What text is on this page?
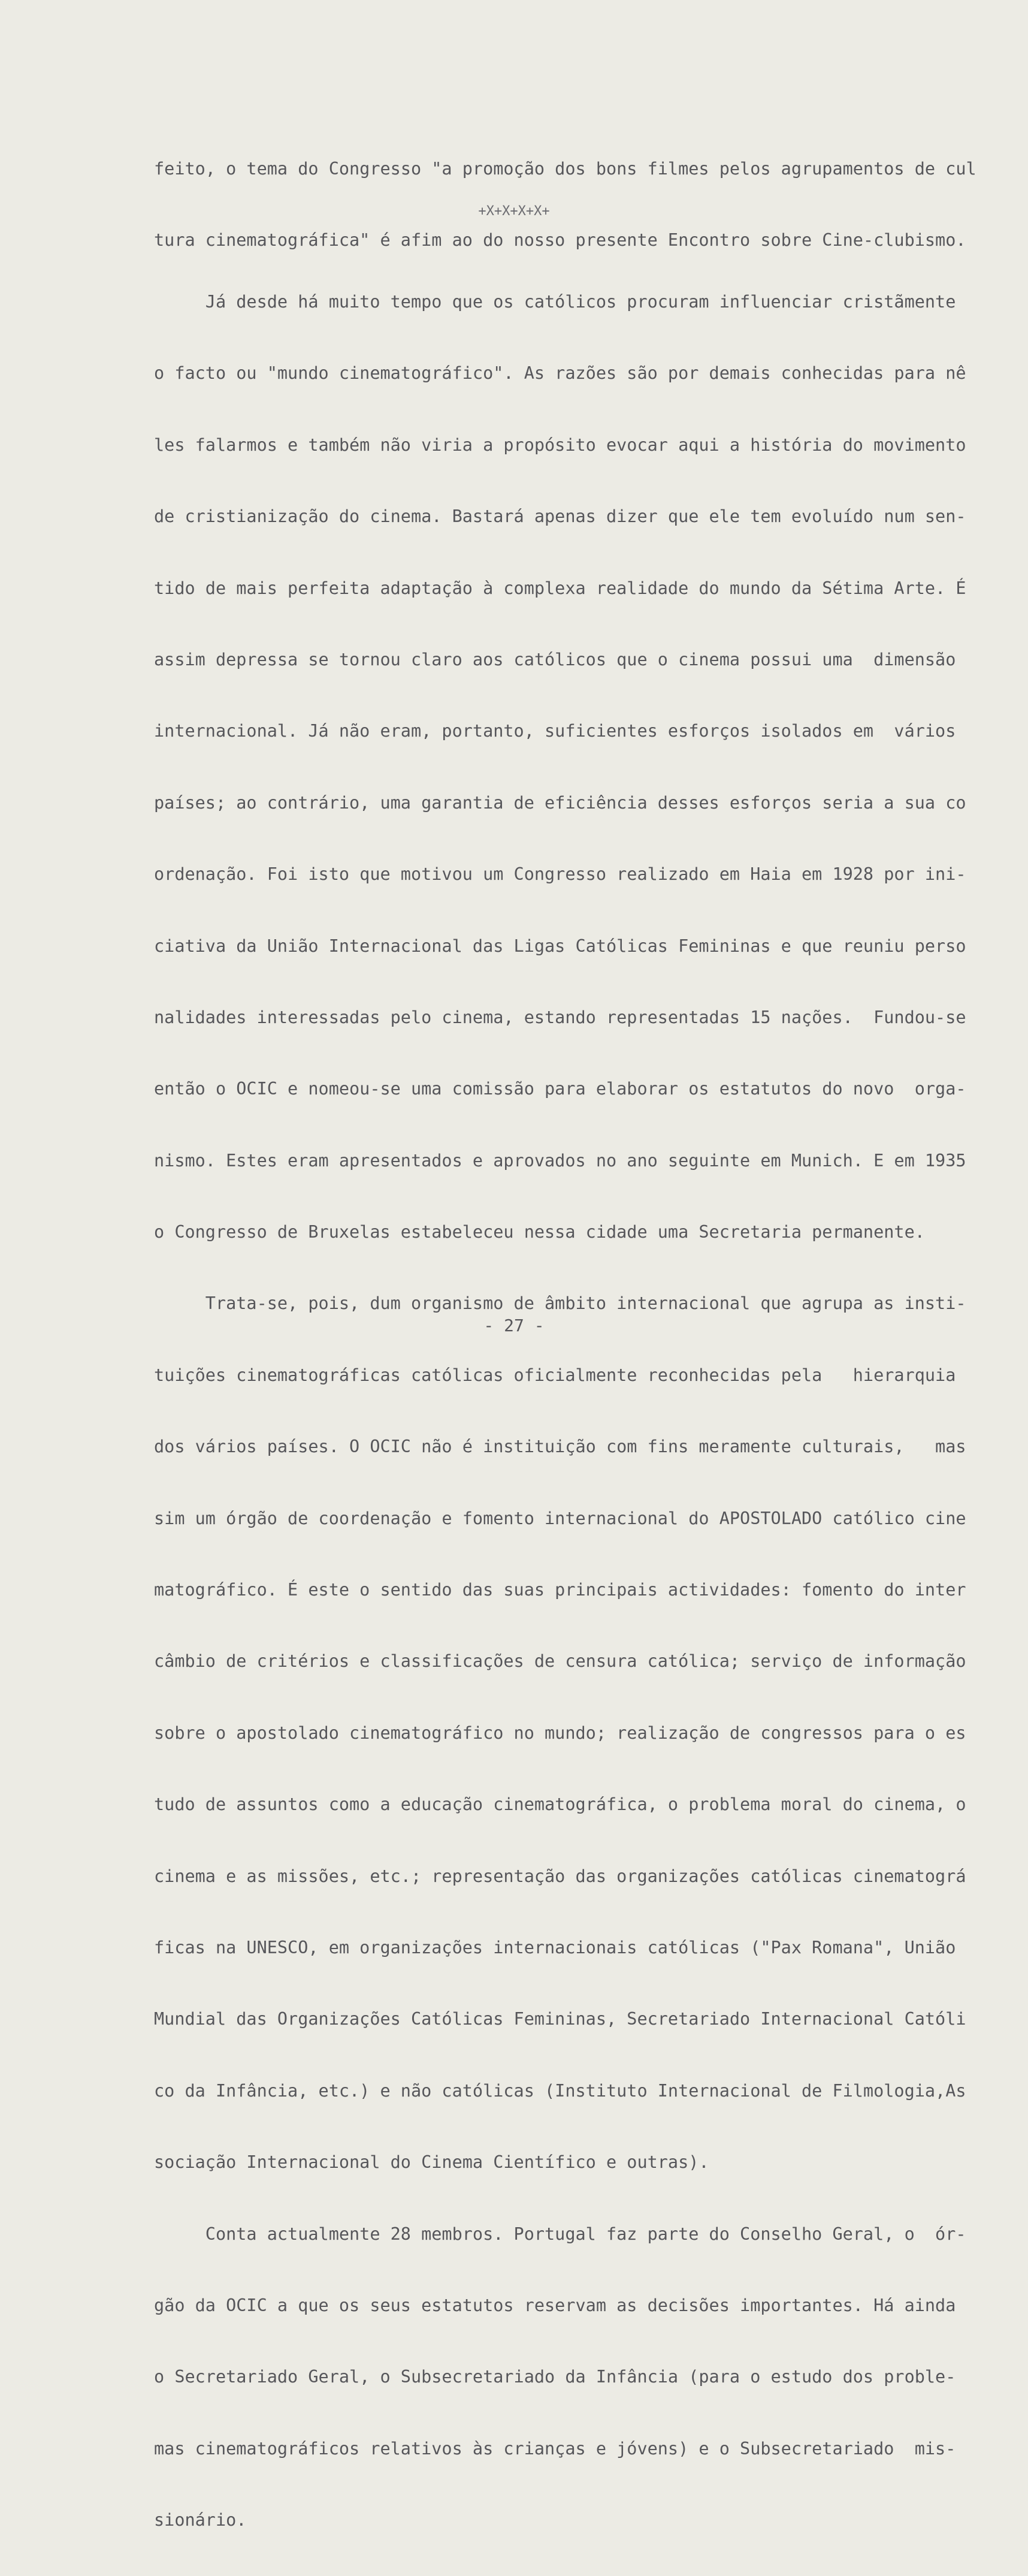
feito, o tema do Congresso "a promoção dos bons filmes pelos agrupamentos de cul

tura cinematográfica" é afim ao do nosso presente Encontro sobre Cine-clubismo.

+X+X+X+X+

Já desde há muito tempo que os católicos procuram influenciar cristãmente

o facto ou "mundo cinematográfico". As razões são por demais conhecidas para nê

les falarmos e também não viria a propósito evocar aqui a história do movimento

de cristianização do cinema. Bastará apenas dizer que ele tem evoluído num sen-

tido de mais perfeita adaptação à complexa realidade do mundo da Sétima Arte. É

assim depressa se tornou claro aos católicos que o cinema possui uma  dimensão

internacional. Já não eram, portanto, suficientes esforços isolados em  vários

países; ao contrário, uma garantia de eficiência desses esforços seria a sua co

ordenação. Foi isto que motivou um Congresso realizado em Haia em 1928 por ini-

ciativa da União Internacional das Ligas Católicas Femininas e que reuniu perso

nalidades interessadas pelo cinema, estando representadas 15 nações.  Fundou-se

então o OCIC e nomeou-se uma comissão para elaborar os estatutos do novo  orga-

nismo. Estes eram apresentados e aprovados no ano seguinte em Munich. E em 1935

o Congresso de Bruxelas estabeleceu nessa cidade uma Secretaria permanente.

Trata-se, pois, dum organismo de âmbito internacional que agrupa as insti-

tuições cinematográficas católicas oficialmente reconhecidas pela   hierarquia

dos vários países. O OCIC não é instituição com fins meramente culturais,   mas

sim um órgão de coordenação e fomento internacional do APOSTOLADO católico cine

matográfico. É este o sentido das suas principais actividades: fomento do inter

câmbio de critérios e classificações de censura católica; serviço de informação

sobre o apostolado cinematográfico no mundo; realização de congressos para o es

tudo de assuntos como a educação cinematográfica, o problema moral do cinema, o

cinema e as missões, etc.; representação das organizações católicas cinematográ

ficas na UNESCO, em organizações internacionais católicas ("Pax Romana", União

Mundial das Organizações Católicas Femininas, Secretariado Internacional Católi

co da Infância, etc.) e não católicas (Instituto Internacional de Filmologia,As

sociação Internacional do Cinema Científico e outras).

Conta actualmente 28 membros. Portugal faz parte do Conselho Geral, o  ór-

gão da OCIC a que os seus estatutos reservam as decisões importantes. Há ainda

o Secretariado Geral, o Subsecretariado da Infância (para o estudo dos proble-

mas cinematográficos relativos às crianças e jóvens) e o Subsecretariado  mis-

sionário.

- 27 -
